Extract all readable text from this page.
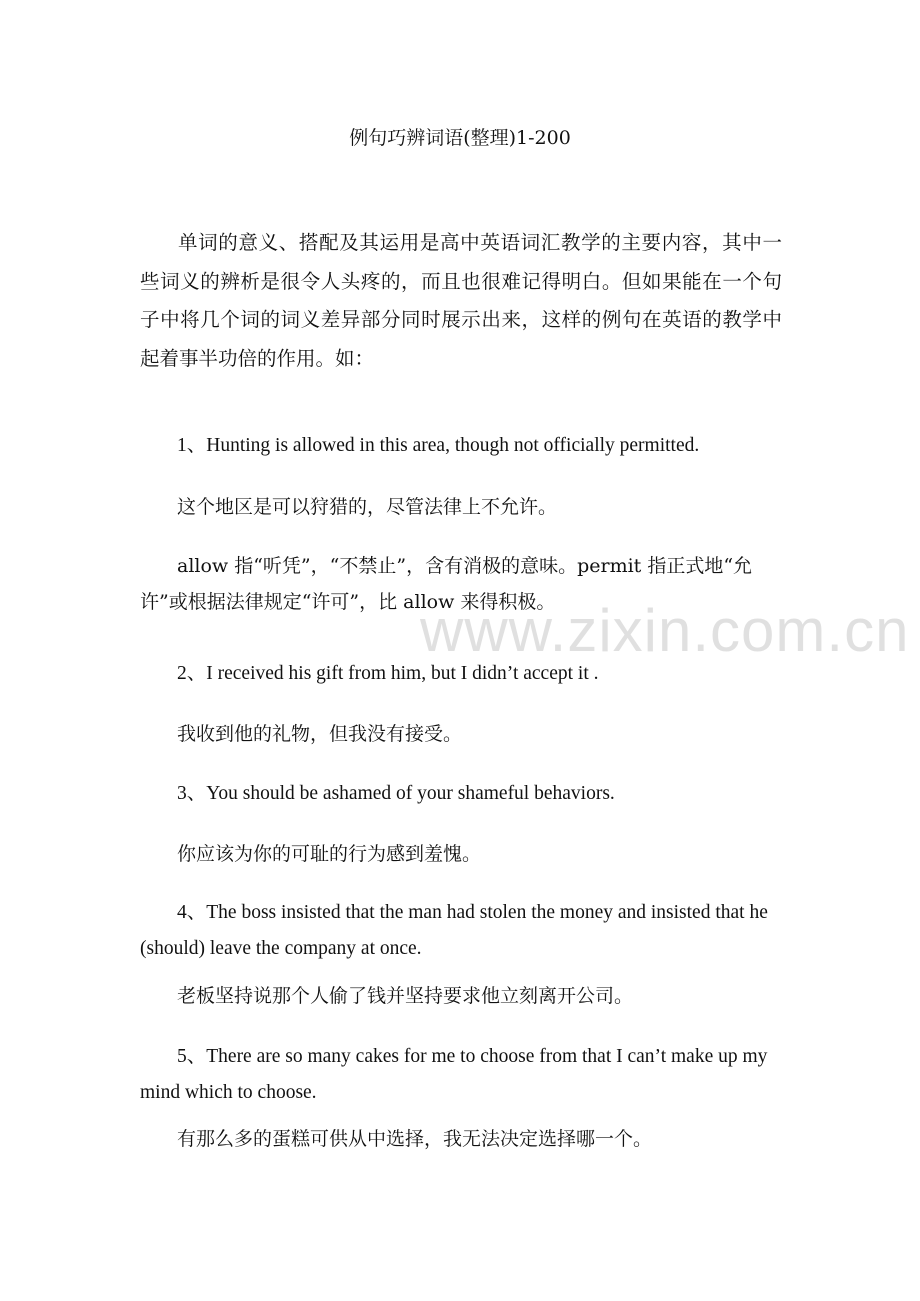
www.zixin.com.cn
例句巧辨词语(整理)1-200

单词的意义、搭配及其运用是高中英语词汇教学的主要内容，其中一些词义的辨析是很令人头疼的，而且也很难记得明白。但如果能在一个句子中将几个词的词义差异部分同时展示出来，这样的例句在英语的教学中起着事半功倍的作用。如：

1、Hunting is allowed in this area, though not officially permitted.

这个地区是可以狩猎的，尽管法律上不允许。

allow 指“听凭”，“不禁止”，含有消极的意味。permit 指正式地“允许”或根据法律规定“许可”，比 allow 来得积极。

2、I received his gift from him, but I didn’t accept it .

我收到他的礼物，但我没有接受。

3、You should be ashamed of your shameful behaviors.

你应该为你的可耻的行为感到羞愧。

4、The boss insisted that the man had stolen the money and insisted that he (should) leave the company at once.

老板坚持说那个人偷了钱并坚持要求他立刻离开公司。

5、There are so many cakes for me to choose from that I can’t make up my mind which to choose.

有那么多的蛋糕可供从中选择，我无法决定选择哪一个。
